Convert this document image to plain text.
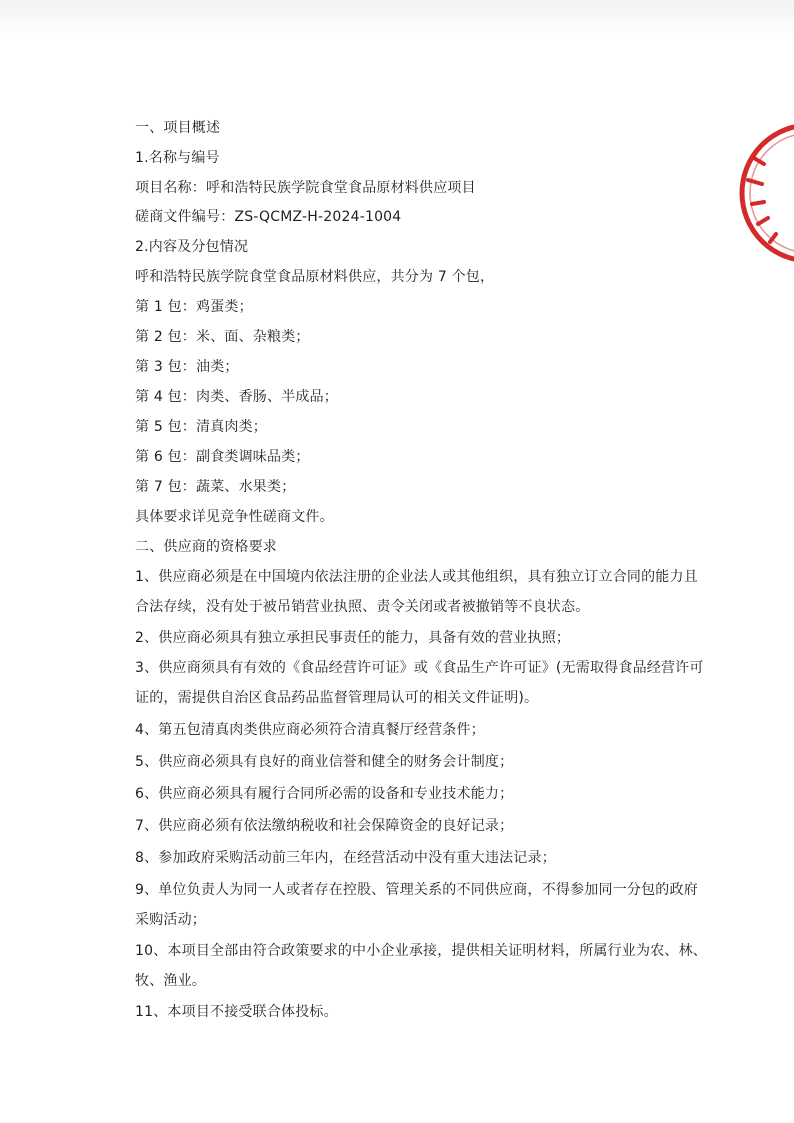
一、项目概述
1.名称与编号
项目名称：呼和浩特民族学院食堂食品原材料供应项目
磋商文件编号：ZS-QCMZ-H-2024-1004
2.内容及分包情况
呼和浩特民族学院食堂食品原材料供应，共分为 7 个包，
第 1 包：鸡蛋类；
第 2 包：米、面、杂粮类；
第 3 包：油类；
第 4 包：肉类、香肠、半成品；
第 5 包：清真肉类；
第 6 包：副食类调味品类；
第 7 包：蔬菜、水果类；
具体要求详见竞争性磋商文件。
二、供应商的资格要求
1、供应商必须是在中国境内依法注册的企业法人或其他组织，具有独立订立合同的能力且
合法存续，没有处于被吊销营业执照、责令关闭或者被撤销等不良状态。
2、供应商必须具有独立承担民事责任的能力，具备有效的营业执照；
3、供应商须具有有效的《食品经营许可证》或《食品生产许可证》(无需取得食品经营许可
证的，需提供自治区食品药品监督管理局认可的相关文件证明)。
4、第五包清真肉类供应商必须符合清真餐厅经营条件；
5、供应商必须具有良好的商业信誉和健全的财务会计制度；
6、供应商必须具有履行合同所必需的设备和专业技术能力；
7、供应商必须有依法缴纳税收和社会保障资金的良好记录；
8、参加政府采购活动前三年内，在经营活动中没有重大违法记录；
9、单位负责人为同一人或者存在控股、管理关系的不同供应商，不得参加同一分包的政府
采购活动；
10、本项目全部由符合政策要求的中小企业承接，提供相关证明材料，所属行业为农、林、
牧、渔业。
11、本项目不接受联合体投标。
